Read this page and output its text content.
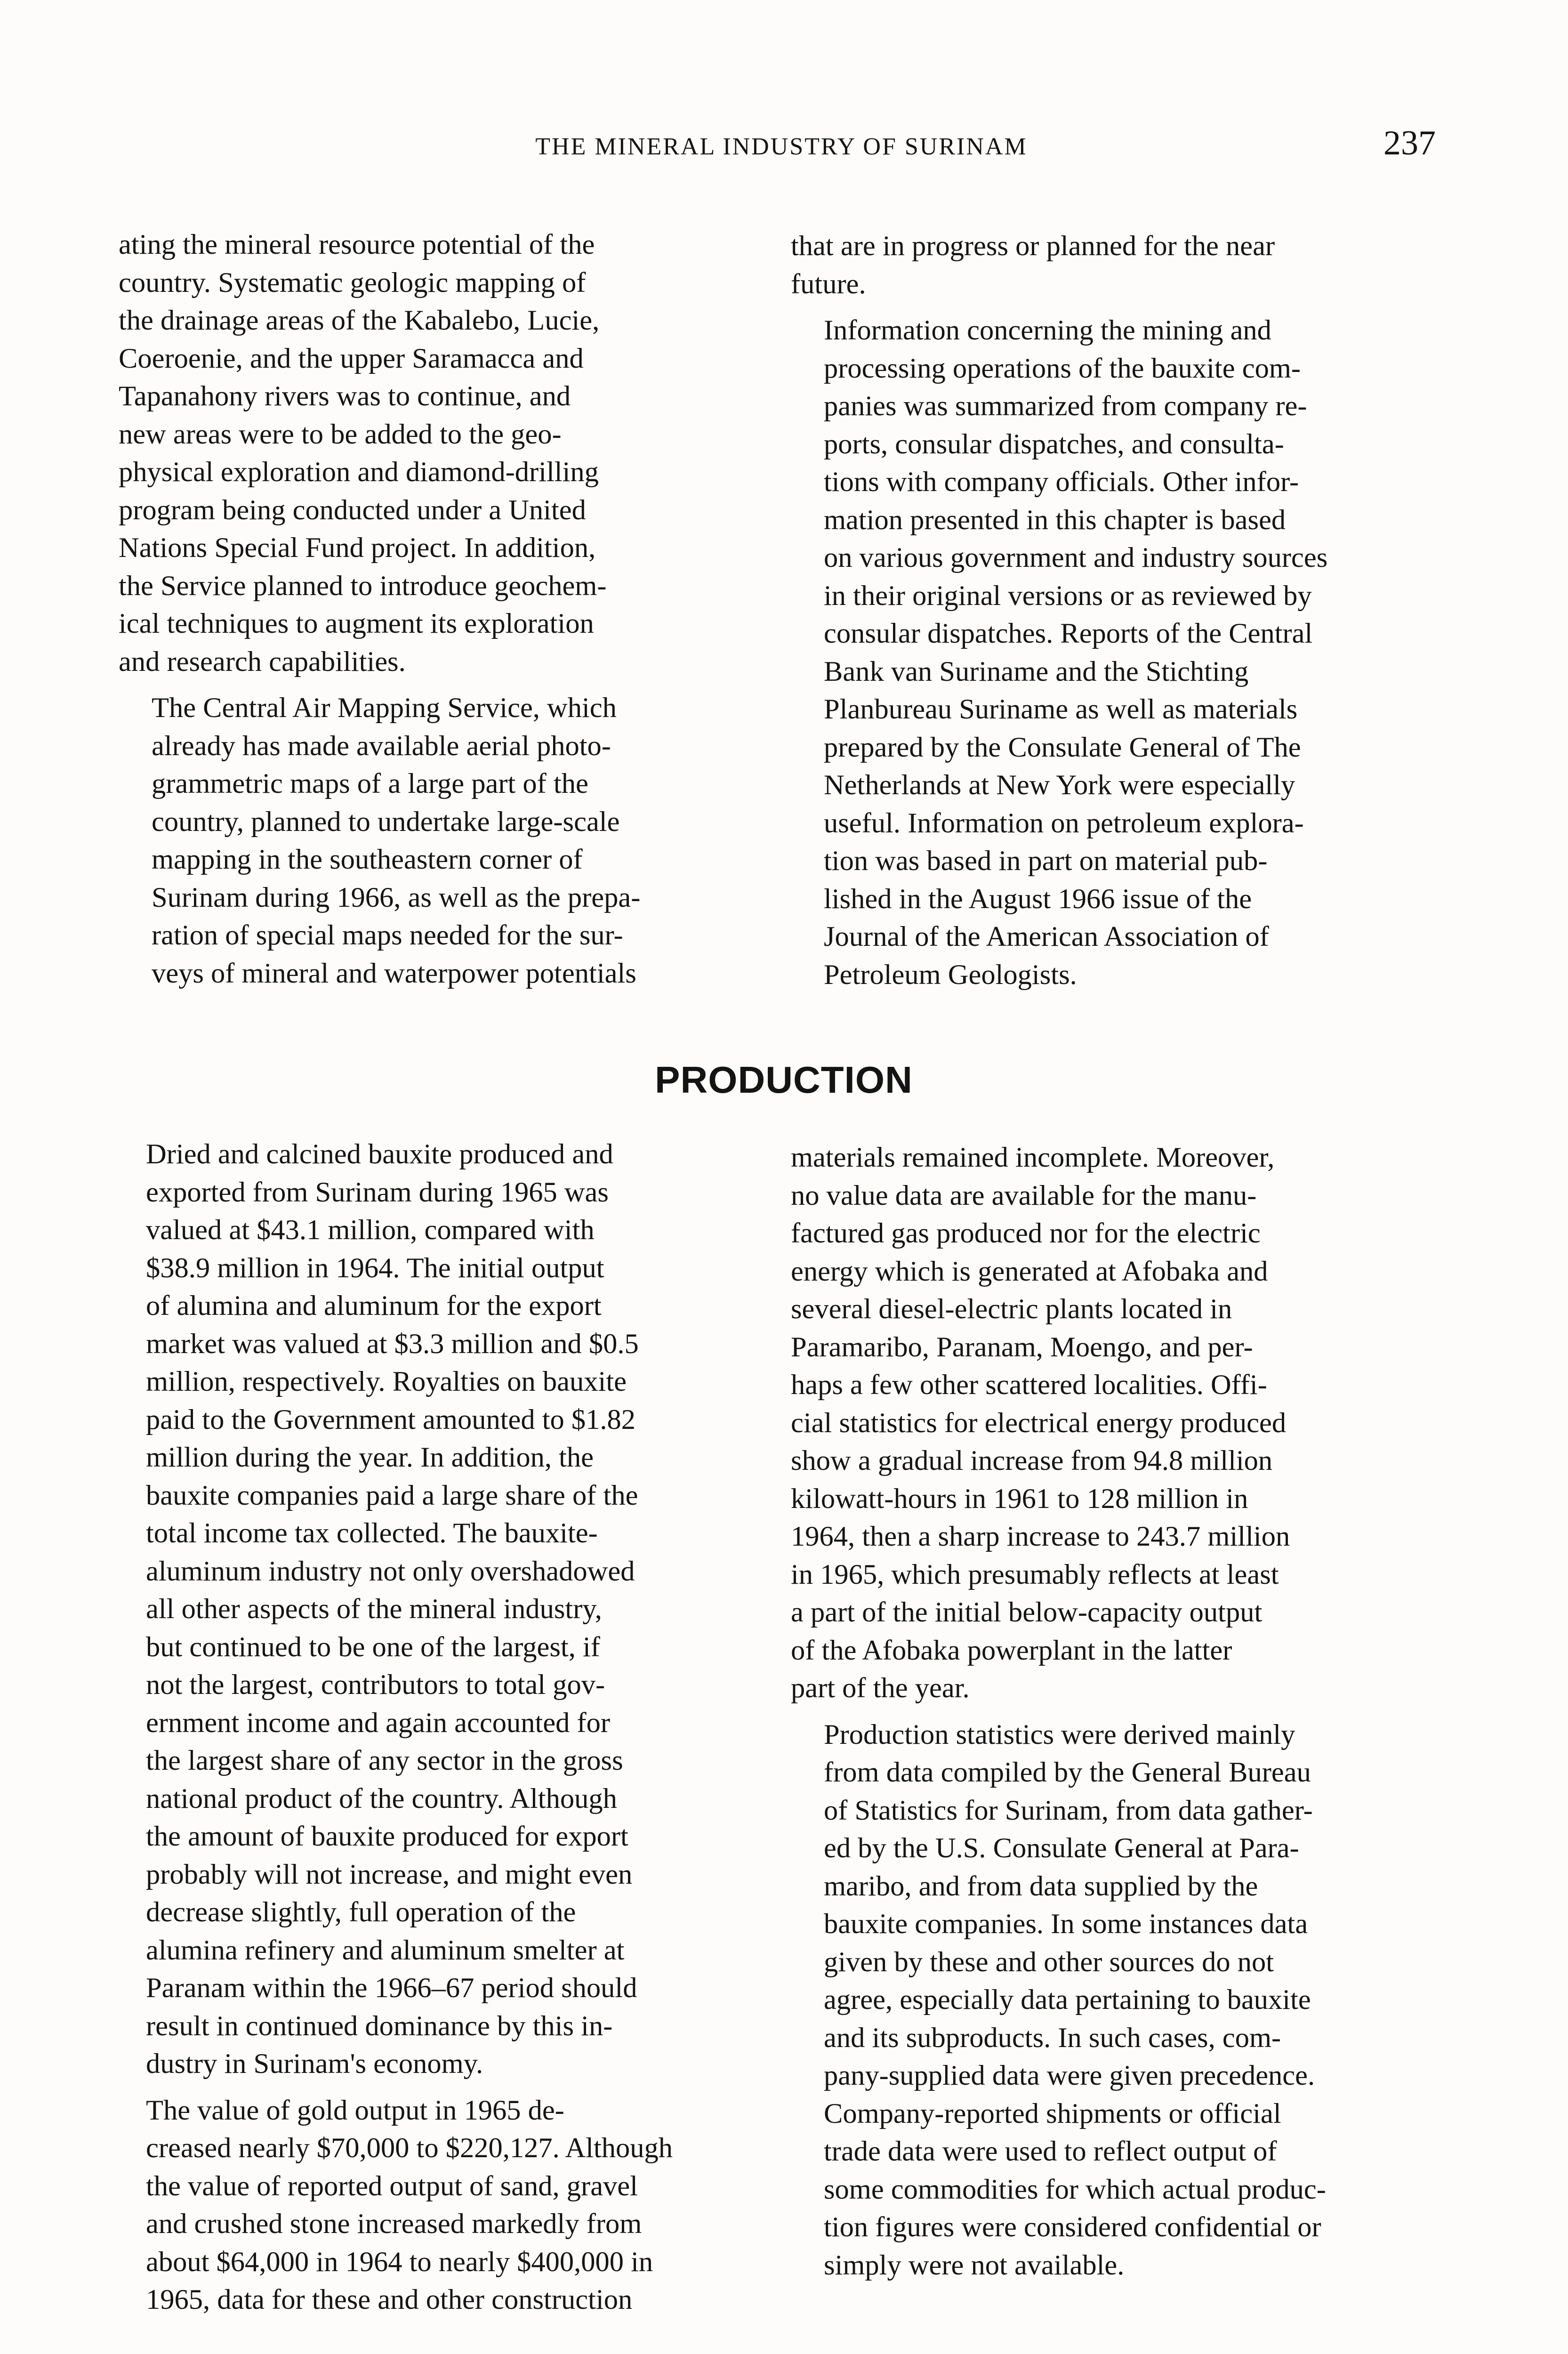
THE MINERAL INDUSTRY OF SURINAM	237

ating the mineral resource potential of the
country. Systematic geologic mapping of
the drainage areas of the Kabalebo, Lucie,
Coeroenie, and the upper Saramacca and
Tapanahony rivers was to continue, and
new areas were to be added to the geo-
physical exploration and diamond-drilling
program being conducted under a United
Nations Special Fund project. In addition,
the Service planned to introduce geochem-
ical techniques to augment its exploration
and research capabilities.

The Central Air Mapping Service, which
already has made available aerial photo-
grammetric maps of a large part of the
country, planned to undertake large-scale
mapping in the southeastern corner of
Surinam during 1966, as well as the prepa-
ration of special maps needed for the sur-
veys of mineral and waterpower potentials

that are in progress or planned for the near
future.

Information concerning the mining and
processing operations of the bauxite com-
panies was summarized from company re-
ports, consular dispatches, and consulta-
tions with company officials. Other infor-
mation presented in this chapter is based
on various government and industry sources
in their original versions or as reviewed by
consular dispatches. Reports of the Central
Bank van Suriname and the Stichting
Planbureau Suriname as well as materials
prepared by the Consulate General of The
Netherlands at New York were especially
useful. Information on petroleum explora-
tion was based in part on material pub-
lished in the August 1966 issue of the
Journal of the American Association of
Petroleum Geologists.

PRODUCTION

Dried and calcined bauxite produced and
exported from Surinam during 1965 was
valued at $43.1 million, compared with
$38.9 million in 1964. The initial output
of alumina and aluminum for the export
market was valued at $3.3 million and $0.5
million, respectively. Royalties on bauxite
paid to the Government amounted to $1.82
million during the year. In addition, the
bauxite companies paid a large share of the
total income tax collected. The bauxite-
aluminum industry not only overshadowed
all other aspects of the mineral industry,
but continued to be one of the largest, if
not the largest, contributors to total gov-
ernment income and again accounted for
the largest share of any sector in the gross
national product of the country. Although
the amount of bauxite produced for export
probably will not increase, and might even
decrease slightly, full operation of the
alumina refinery and aluminum smelter at
Paranam within the 1966–67 period should
result in continued dominance by this in-
dustry in Surinam's economy.

The value of gold output in 1965 de-
creased nearly $70,000 to $220,127. Although
the value of reported output of sand, gravel
and crushed stone increased markedly from
about $64,000 in 1964 to nearly $400,000 in
1965, data for these and other construction

materials remained incomplete. Moreover,
no value data are available for the manu-
factured gas produced nor for the electric
energy which is generated at Afobaka and
several diesel-electric plants located in
Paramaribo, Paranam, Moengo, and per-
haps a few other scattered localities. Offi-
cial statistics for electrical energy produced
show a gradual increase from 94.8 million
kilowatt-hours in 1961 to 128 million in
1964, then a sharp increase to 243.7 million
in 1965, which presumably reflects at least
a part of the initial below-capacity output
of the Afobaka powerplant in the latter
part of the year.

Production statistics were derived mainly
from data compiled by the General Bureau
of Statistics for Surinam, from data gather-
ed by the U.S. Consulate General at Para-
maribo, and from data supplied by the
bauxite companies. In some instances data
given by these and other sources do not
agree, especially data pertaining to bauxite
and its subproducts. In such cases, com-
pany-supplied data were given precedence.
Company-reported shipments or official
trade data were used to reflect output of
some commodities for which actual produc-
tion figures were considered confidential or
simply were not available.
